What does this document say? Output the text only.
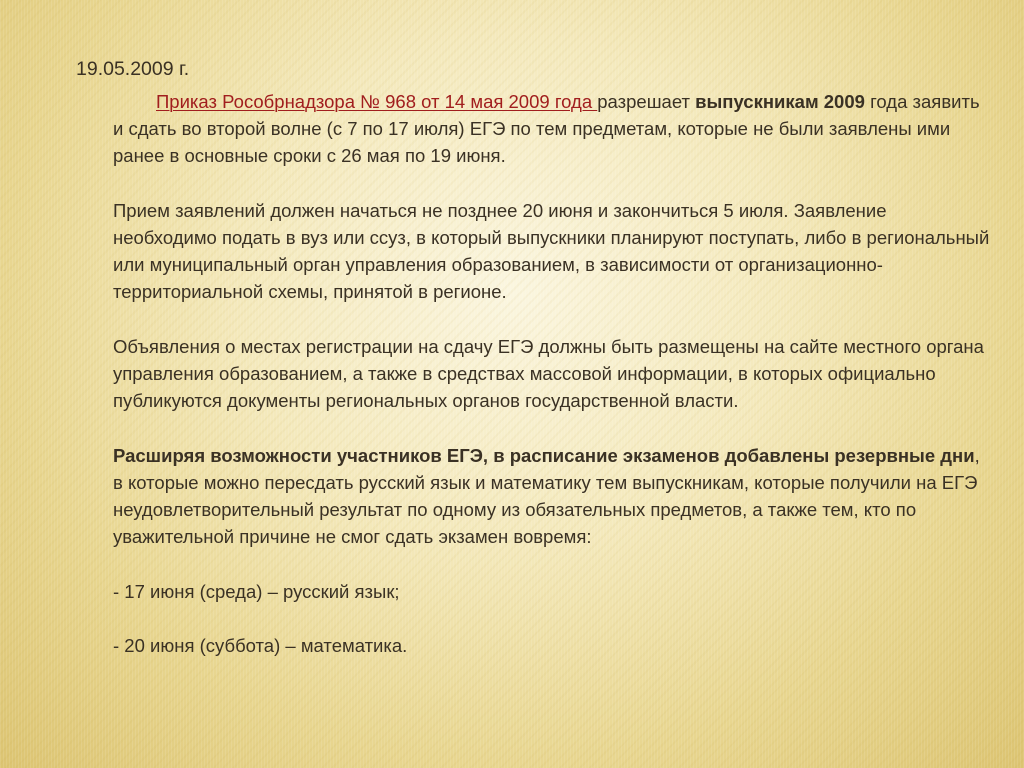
19.05.2009 г.

Приказ Рособрнадзора № 968 от 14 мая 2009 года разрешает выпускникам 2009 года заявить и сдать во второй волне (с 7 по 17 июля) ЕГЭ по тем предметам, которые не были заявлены ими ранее в основные сроки с 26 мая по 19 июня.

Прием заявлений должен начаться не позднее 20 июня и закончиться 5 июля. Заявление необходимо подать в вуз или ссуз, в который выпускники планируют поступать, либо в региональный или муниципальный орган управления образованием, в зависимости от организационно-территориальной схемы, принятой в регионе.

Объявления о местах регистрации на сдачу ЕГЭ должны быть размещены на сайте местного органа управления образованием, а также в средствах массовой информации, в которых официально публикуются документы региональных органов государственной власти.

Расширяя возможности участников ЕГЭ, в расписание экзаменов добавлены резервные дни, в которые можно пересдать русский язык и математику тем выпускникам, которые получили на ЕГЭ неудовлетворительный результат по одному из обязательных предметов, а также тем, кто по уважительной причине не смог сдать экзамен вовремя:

- 17 июня (среда) – русский язык;

- 20 июня (суббота) – математика.
